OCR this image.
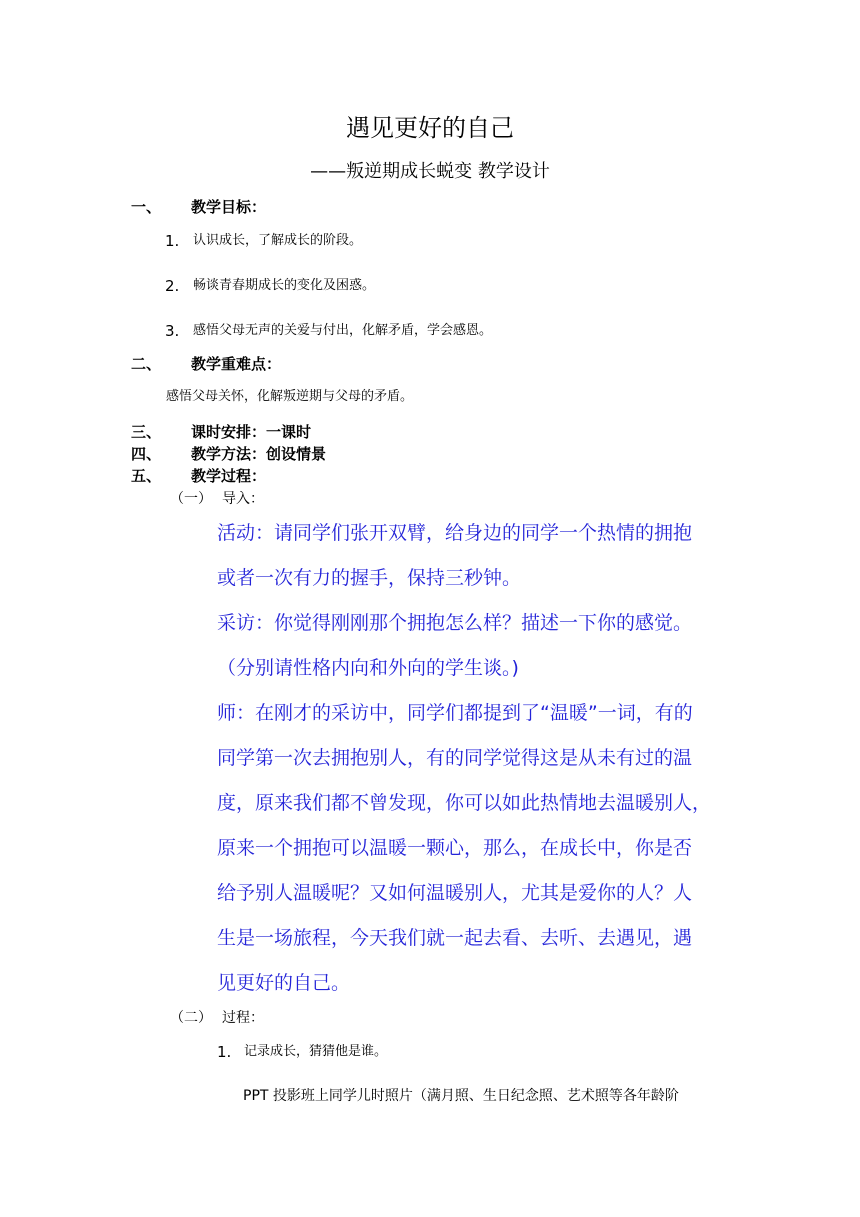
遇见更好的自己
——叛逆期成长蜕变 教学设计
一、 教学目标：
1. 认识成长，了解成长的阶段。
2. 畅谈青春期成长的变化及困惑。
3. 感悟父母无声的关爱与付出，化解矛盾，学会感恩。
二、 教学重难点：
感悟父母关怀，化解叛逆期与父母的矛盾。
三、 课时安排：一课时
四、 教学方法：创设情景
五、 教学过程：
（一） 导入：
活动：请同学们张开双臂，给身边的同学一个热情的拥抱
或者一次有力的握手，保持三秒钟。
采访：你觉得刚刚那个拥抱怎么样？描述一下你的感觉。
（分别请性格内向和外向的学生谈。)
师：在刚才的采访中，同学们都提到了“温暖”一词，有的
同学第一次去拥抱别人，有的同学觉得这是从未有过的温
度，原来我们都不曾发现，你可以如此热情地去温暖别人，
原来一个拥抱可以温暖一颗心，那么，在成长中，你是否
给予别人温暖呢？又如何温暖别人，尤其是爱你的人？人
生是一场旅程，今天我们就一起去看、去听、去遇见，遇
见更好的自己。
（二） 过程：
1. 记录成长，猜猜他是谁。
PPT 投影班上同学儿时照片（满月照、生日纪念照、艺术照等各年龄阶
